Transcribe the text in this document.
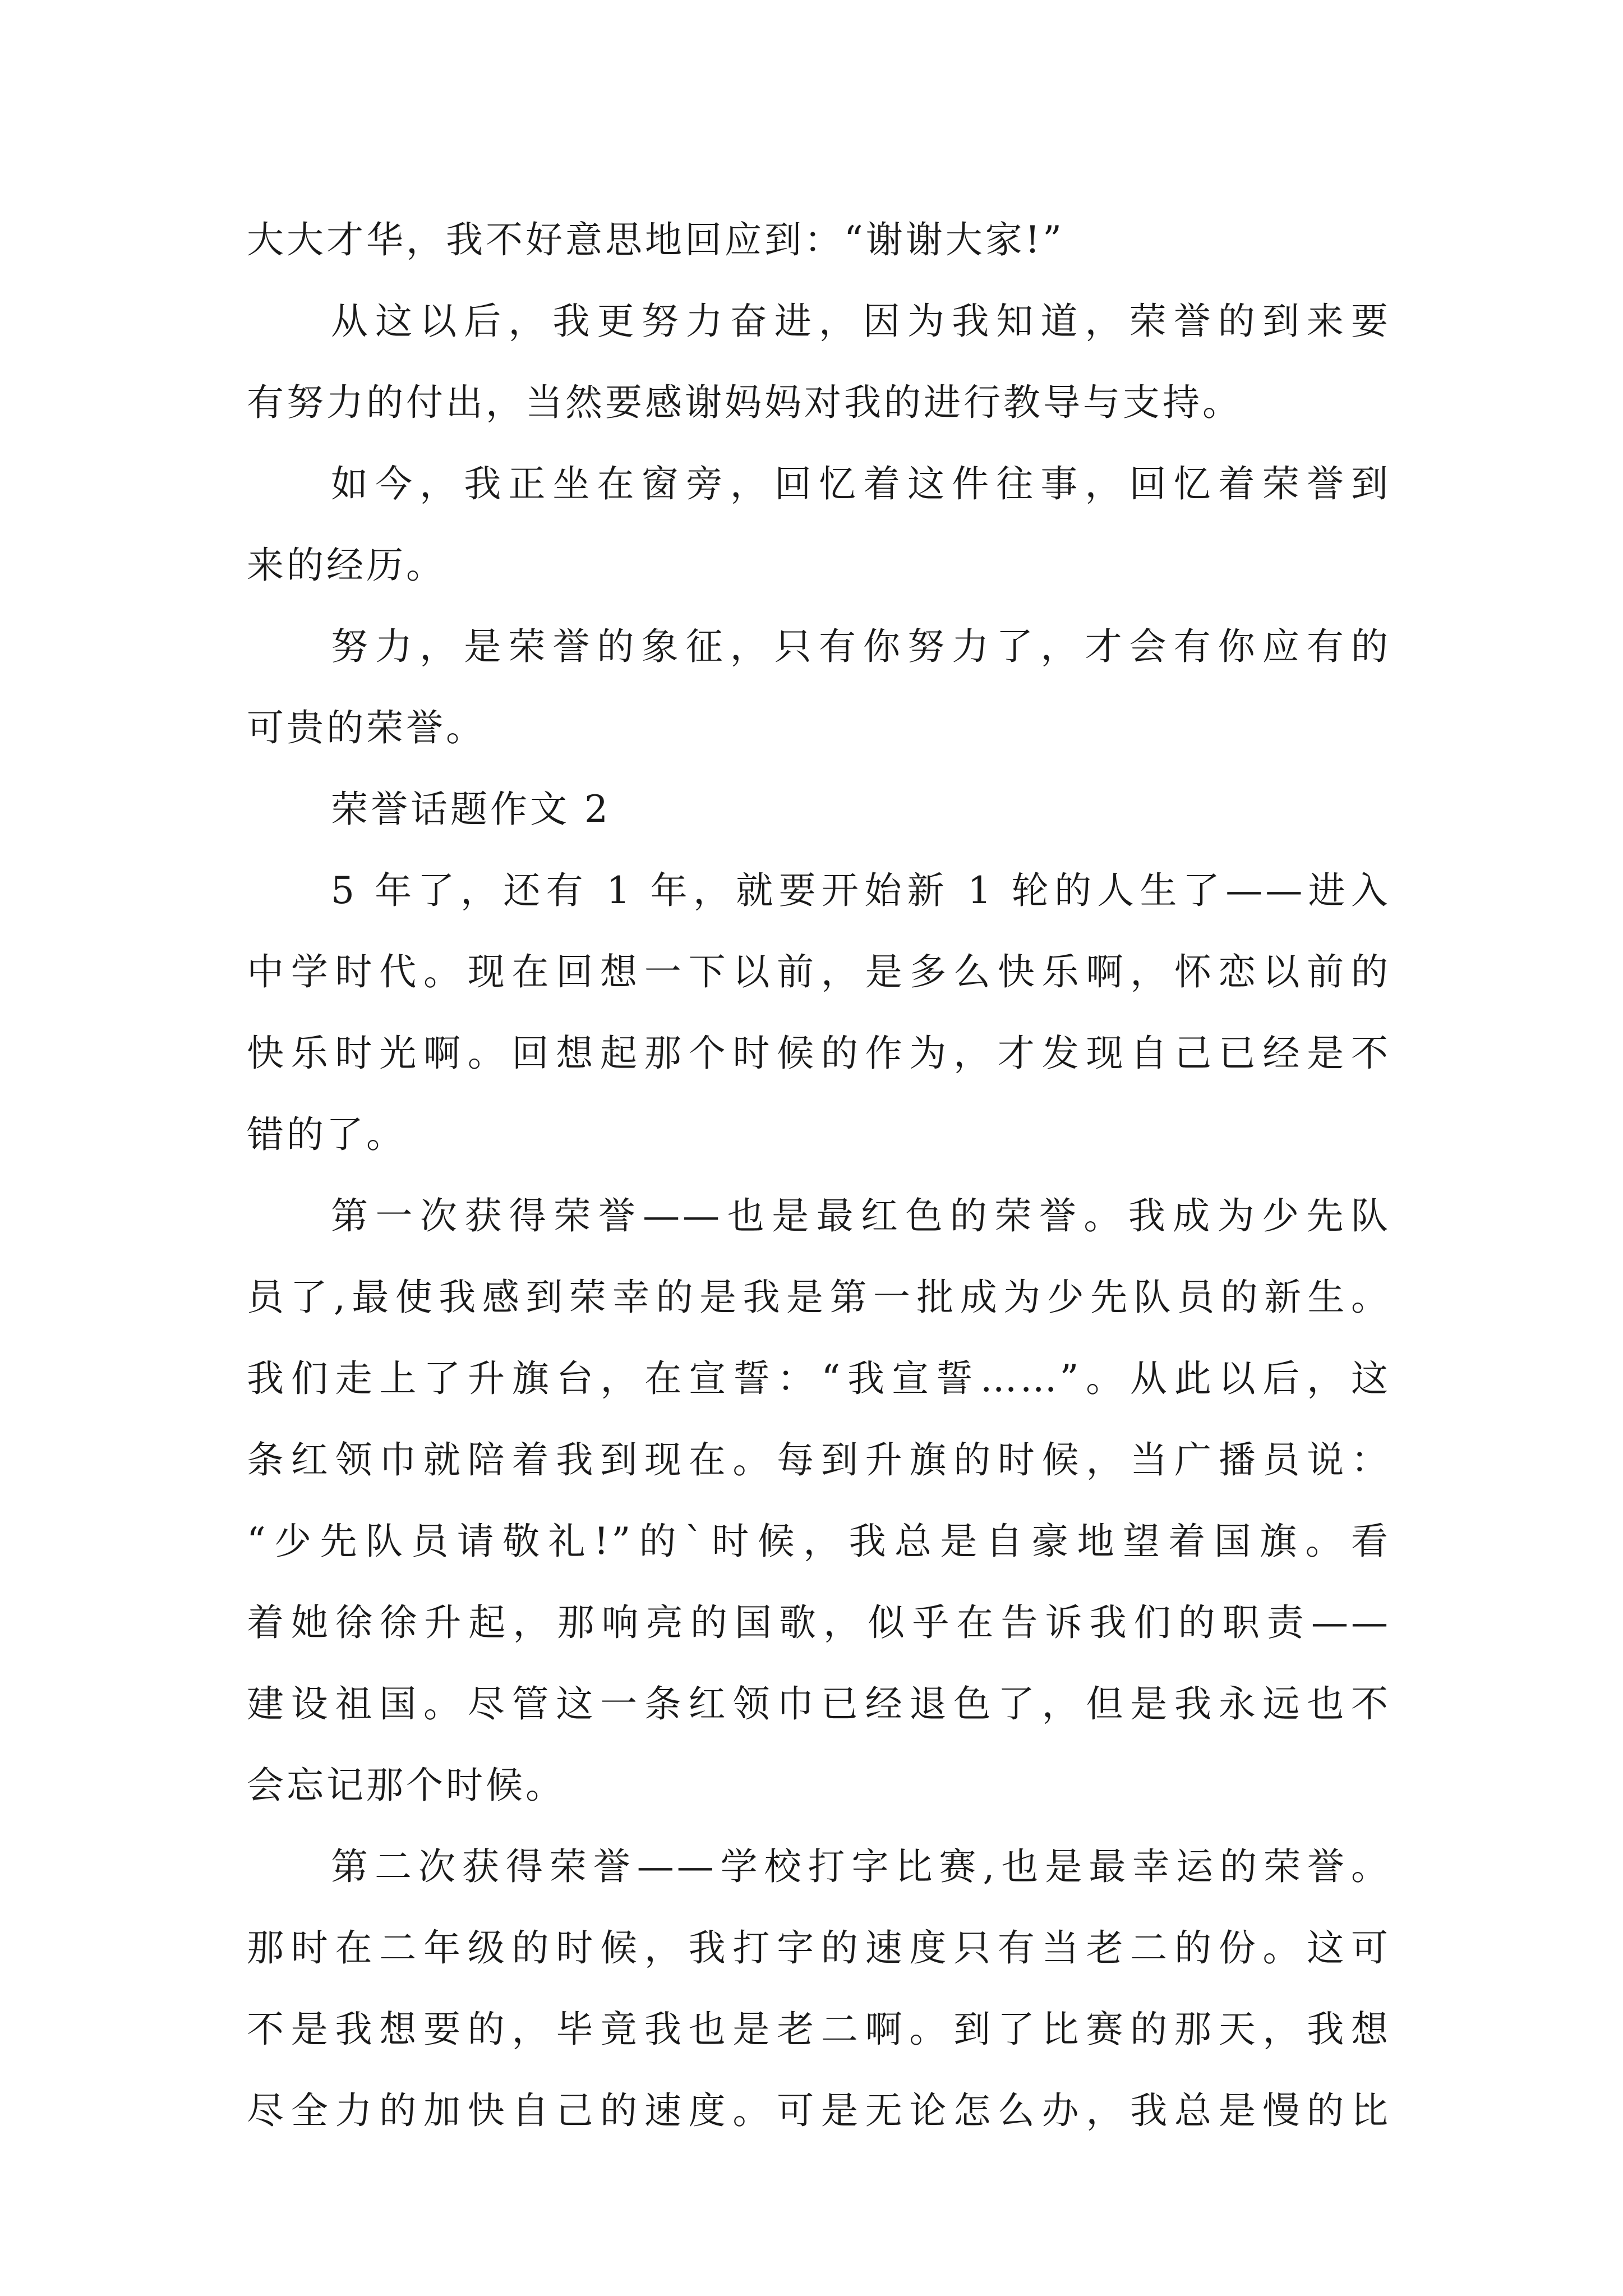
大大才华，我不好意思地回应到：“谢谢大家!”
从这以后，我更努力奋进，因为我知道，荣誉的到来要
有努力的付出，当然要感谢妈妈对我的进行教导与支持。
如今，我正坐在窗旁，回忆着这件往事，回忆着荣誉到
来的经历。
努力，是荣誉的象征，只有你努力了，才会有你应有的
可贵的荣誉。
荣誉话题作文 2
5 年了，还有 1 年，就要开始新 1 轮的人生了——进入
中学时代。现在回想一下以前，是多么快乐啊，怀恋以前的
快乐时光啊。回想起那个时候的作为，才发现自己已经是不
错的了。
第一次获得荣誉——也是最红色的荣誉。我成为少先队
员了,最使我感到荣幸的是我是第一批成为少先队员的新生。
我们走上了升旗台，在宣誓：“我宣誓……”。从此以后，这
条红领巾就陪着我到现在。每到升旗的时候，当广播员说：
“少先队员请敬礼!”的`时候，我总是自豪地望着国旗。看
着她徐徐升起，那响亮的国歌，似乎在告诉我们的职责——
建设祖国。尽管这一条红领巾已经退色了，但是我永远也不
会忘记那个时候。
第二次获得荣誉——学校打字比赛,也是最幸运的荣誉。
那时在二年级的时候，我打字的速度只有当老二的份。这可
不是我想要的，毕竟我也是老二啊。到了比赛的那天，我想
尽全力的加快自己的速度。可是无论怎么办，我总是慢的比
